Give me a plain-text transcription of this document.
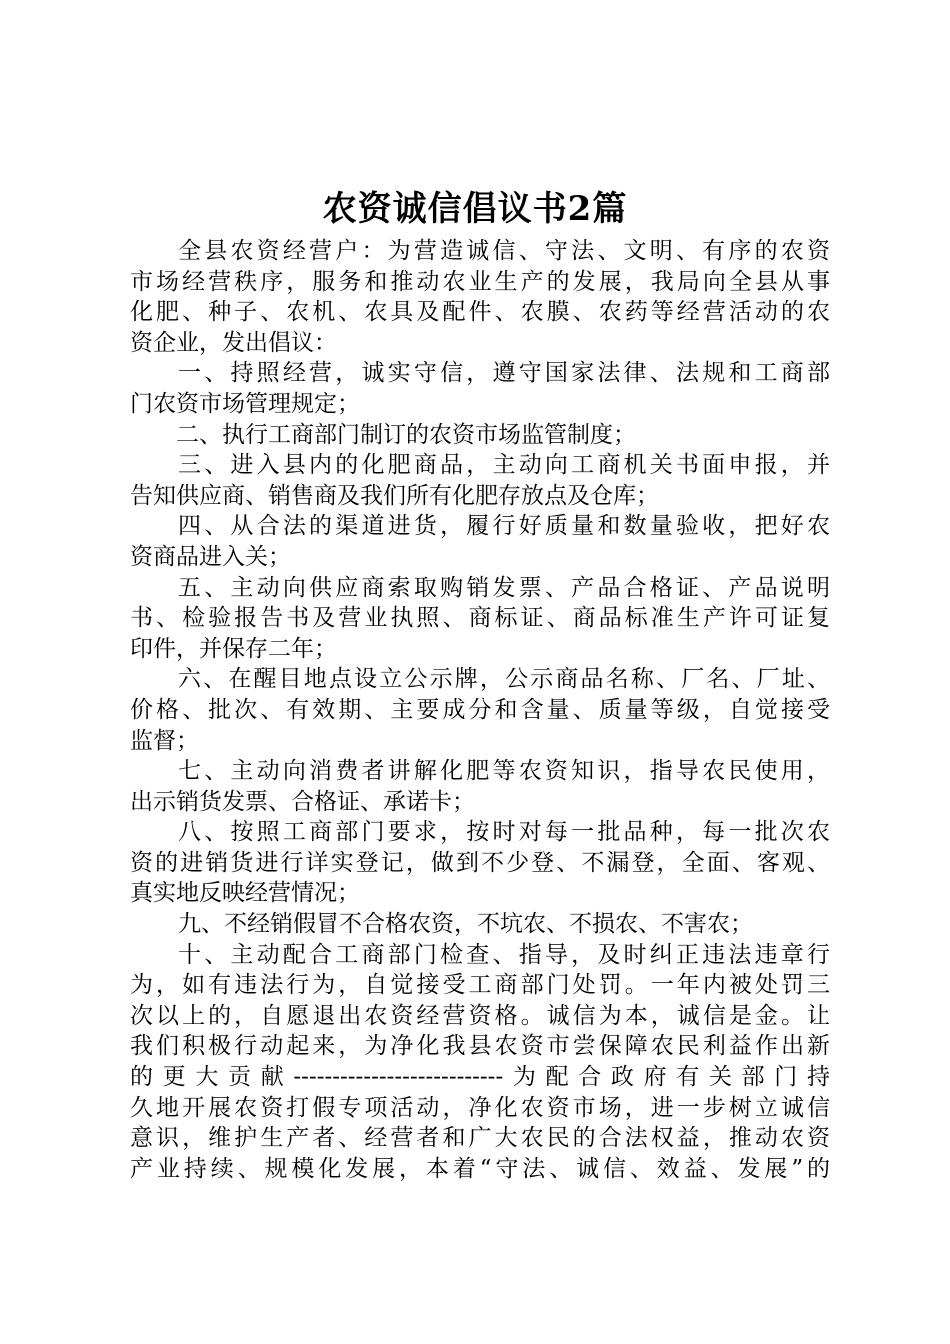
农资诚信倡议书2篇
全县农资经营户：为营造诚信、守法、文明、有序的农资
市场经营秩序，服务和推动农业生产的发展，我局向全县从事
化肥、种子、农机、农具及配件、农膜、农药等经营活动的农
资企业，发出倡议：
一、持照经营，诚实守信，遵守国家法律、法规和工商部
门农资市场管理规定；
二、执行工商部门制订的农资市场监管制度；
三、进入县内的化肥商品，主动向工商机关书面申报，并
告知供应商、销售商及我们所有化肥存放点及仓库；
四、从合法的渠道进货，履行好质量和数量验收，把好农
资商品进入关；
五、主动向供应商索取购销发票、产品合格证、产品说明
书、检验报告书及营业执照、商标证、商品标准生产许可证复
印件，并保存二年；
六、在醒目地点设立公示牌，公示商品名称、厂名、厂址、
价格、批次、有效期、主要成分和含量、质量等级，自觉接受
监督；
七、主动向消费者讲解化肥等农资知识，指导农民使用，
出示销货发票、合格证、承诺卡；
八、按照工商部门要求，按时对每一批品种，每一批次农
资的进销货进行详实登记，做到不少登、不漏登，全面、客观、
真实地反映经营情况；
九、不经销假冒不合格农资，不坑农、不损农、不害农；
十、主动配合工商部门检查、指导，及时纠正违法违章行
为，如有违法行为，自觉接受工商部门处罚。一年内被处罚三
次以上的，自愿退出农资经营资格。诚信为本，诚信是金。让
我们积极行动起来，为净化我县农资市尝保障农民利益作出新
的更大贡献---------------------------为配合政府有关部门持
久地开展农资打假专项活动，净化农资市场，进一步树立诚信
意识，维护生产者、经营者和广大农民的合法权益，推动农资
产业持续、规模化发展，本着“守法、诚信、效益、发展”的
